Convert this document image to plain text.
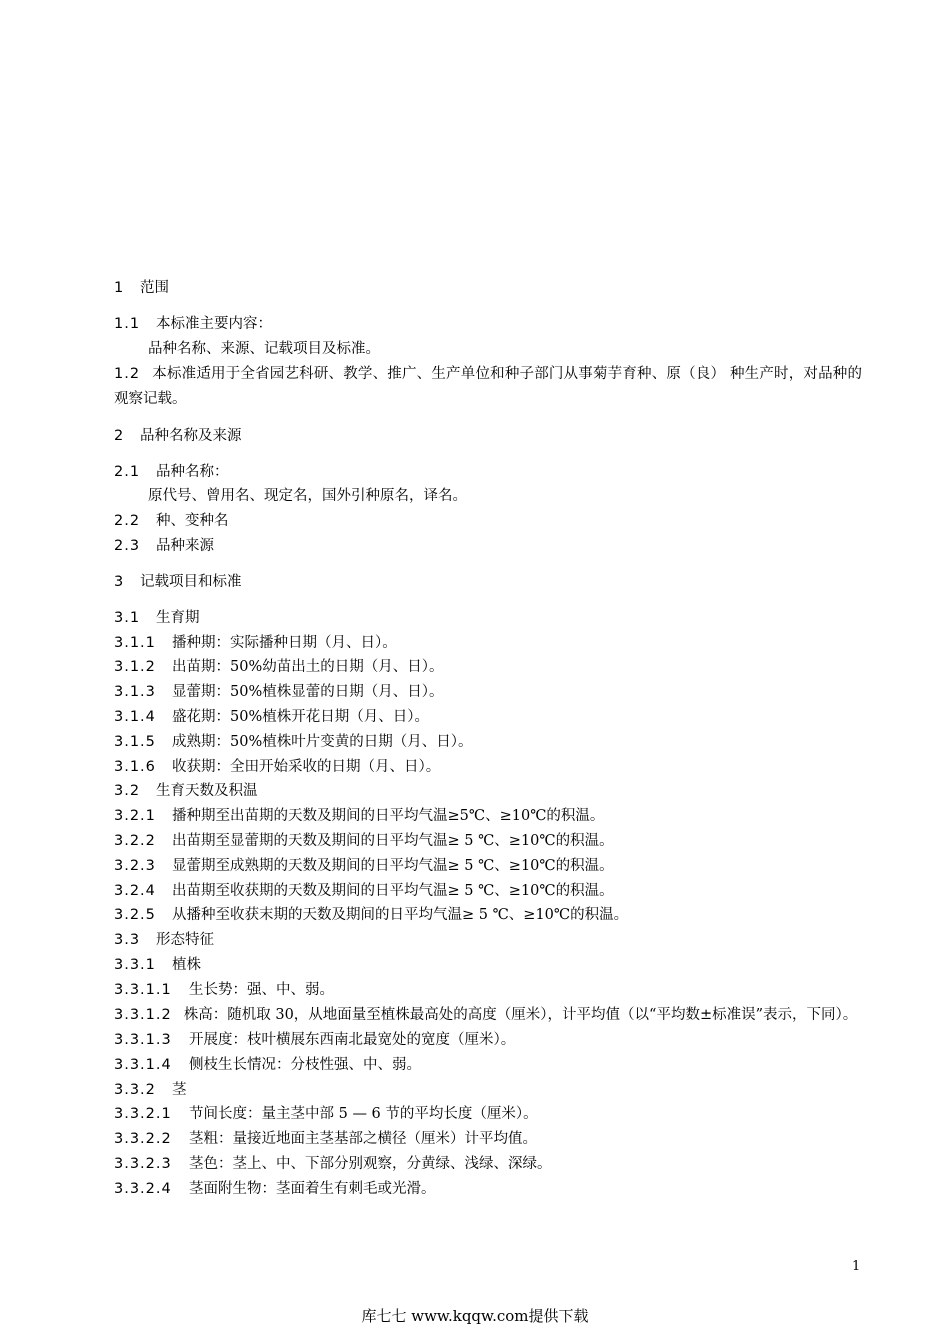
1 范围
1.1 本标准主要内容：
品种名称、来源、记载项目及标准。
1.2 本标准适用于全省园艺科研、教学、推广、生产单位和种子部门从事菊芋育种、原（良） 种生产时，对品种的观察记载。
2 品种名称及来源
2.1 品种名称：
原代号、曾用名、现定名，国外引种原名，译名。
2.2 种、变种名
2.3 品种来源
3 记载项目和标准
3.1 生育期
3.1.1 播种期：实际播种日期（月、日）。
3.1.2 出苗期：50%幼苗出土的日期（月、日）。
3.1.3 显蕾期：50%植株显蕾的日期（月、日）。
3.1.4 盛花期：50%植株开花日期（月、日）。
3.1.5 成熟期：50%植株叶片变黄的日期（月、日）。
3.1.6 收获期：全田开始采收的日期（月、日）。
3.2 生育天数及积温
3.2.1 播种期至出苗期的天数及期间的日平均气温≥5℃、≥10℃的积温。
3.2.2 出苗期至显蕾期的天数及期间的日平均气温≥ 5 ℃、≥10℃的积温。
3.2.3 显蕾期至成熟期的天数及期间的日平均气温≥ 5 ℃、≥10℃的积温。
3.2.4 出苗期至收获期的天数及期间的日平均气温≥ 5 ℃、≥10℃的积温。
3.2.5 从播种至收获末期的天数及期间的日平均气温≥ 5 ℃、≥10℃的积温。
3.3 形态特征
3.3.1 植株
3.3.1.1 生长势：强、中、弱。
3.3.1.2 株高：随机取 30，从地面量至植株最高处的高度（厘米），计平均值（以“平均数±标准误”表示，下同）。
3.3.1.3 开展度：枝叶横展东西南北最宽处的宽度（厘米）。
3.3.1.4 侧枝生长情况：分枝性强、中、弱。
3.3.2 茎
3.3.2.1 节间长度：量主茎中部 5 — 6 节的平均长度（厘米）。
3.3.2.2 茎粗：量接近地面主茎基部之横径（厘米）计平均值。
3.3.2.3 茎色：茎上、中、下部分别观察，分黄绿、浅绿、深绿。
3.3.2.4 茎面附生物：茎面着生有刺毛或光滑。
1
库七七 www.kqqw.com提供下载
